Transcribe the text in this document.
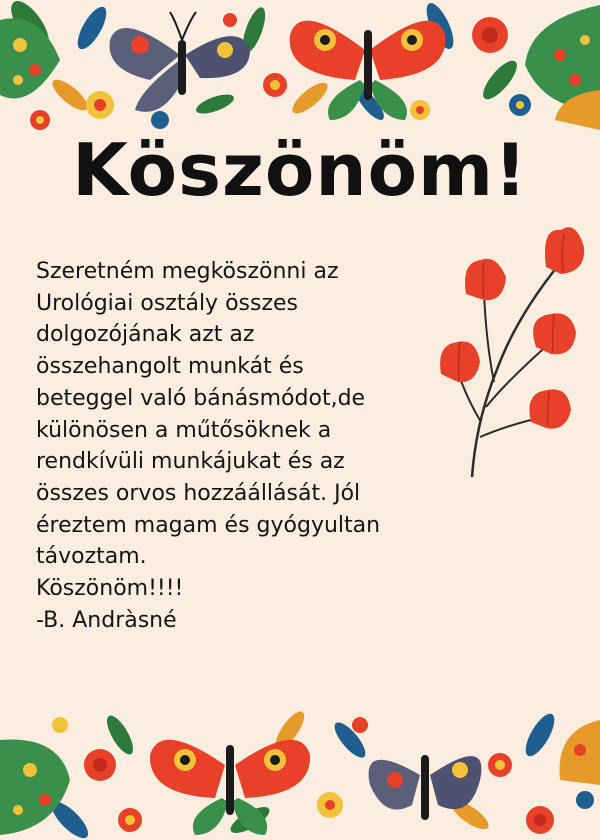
Köszönöm!
Szeretném megköszönni az
Urológiai osztály összes
dolgozójának azt az
összehangolt munkát és
beteggel való bánásmódot,de
különösen a műtősöknek a
rendkívüli munkájukat és az
összes orvos hozzáállását. Jól
éreztem magam és gyógyultan
távoztam.
Köszönöm!!!!
-B. Andràsné
